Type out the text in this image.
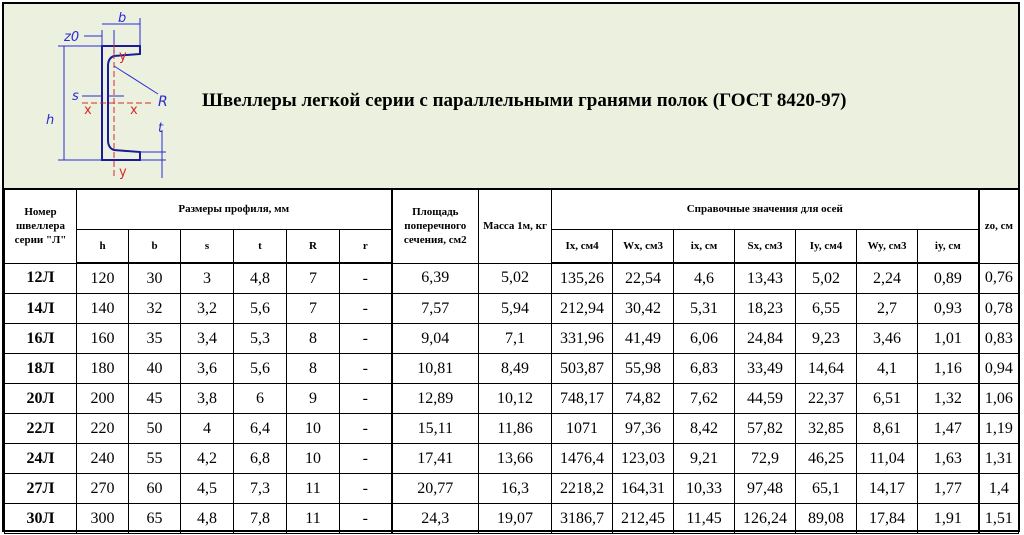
z0
b
y
y
x	x
s
h
R
t
Швеллеры легкой серии с параллельными гранями полок (ГОСТ 8420-97)
Номер швеллера серии "Л"	Размеры профиля, мм						Площадь поперечного сечения, см2	Масса 1м, кг	Справочные значения для осей							zо, см
	h	b	s	t	R	r			Ix, см4	Wx, см3	ix, см	Sx, см3	Iy, см4	Wy, см3	iy, см	
12Л	120	30	3	4,8	7	-	6,39	5,02	135,26	22,54	4,6	13,43	5,02	2,24	0,89	0,76
14Л	140	32	3,2	5,6	7	-	7,57	5,94	212,94	30,42	5,31	18,23	6,55	2,7	0,93	0,78
16Л	160	35	3,4	5,3	8	-	9,04	7,1	331,96	41,49	6,06	24,84	9,23	3,46	1,01	0,83
18Л	180	40	3,6	5,6	8	-	10,81	8,49	503,87	55,98	6,83	33,49	14,64	4,1	1,16	0,94
20Л	200	45	3,8	6	9	-	12,89	10,12	748,17	74,82	7,62	44,59	22,37	6,51	1,32	1,06
22Л	220	50	4	6,4	10	-	15,11	11,86	1071	97,36	8,42	57,82	32,85	8,61	1,47	1,19
24Л	240	55	4,2	6,8	10	-	17,41	13,66	1476,4	123,03	9,21	72,9	46,25	11,04	1,63	1,31
27Л	270	60	4,5	7,3	11	-	20,77	16,3	2218,2	164,31	10,33	97,48	65,1	14,17	1,77	1,4
30Л	300	65	4,8	7,8	11	-	24,3	19,07	3186,7	212,45	11,45	126,24	89,08	17,84	1,91	1,51
